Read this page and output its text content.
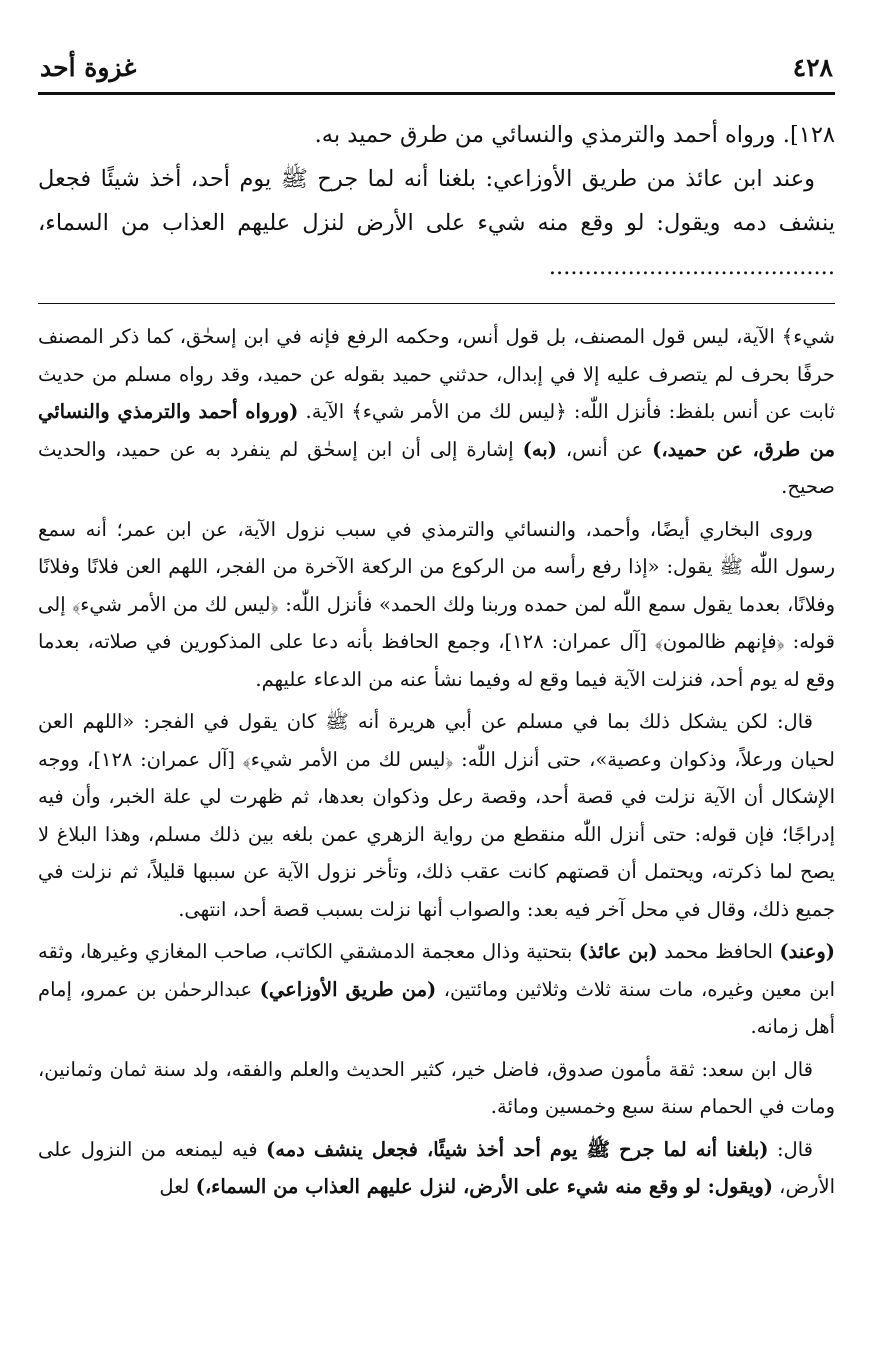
٤٢٨
غزوة أحد

١٢٨]. ورواه أحمد والترمذي والنسائي من طرق حميد به.

وعند ابن عائذ من طريق الأوزاعي: بلغنا أنه لما جرح ﷺ يوم أحد، أخذ شيئًا فجعل ينشف دمه ويقول: لو وقع منه شيء على الأرض لنزل عليهم العذاب من السماء، ........................................

شيء﴾ الآية، ليس قول المصنف، بل قول أنس، وحكمه الرفع فإنه في ابن إسحٰق، كما ذكر المصنف حرفًا بحرف لم يتصرف عليه إلا في إبدال، حدثني حميد بقوله عن حميد، وقد رواه مسلم من حديث ثابت عن أنس بلفظ: فأنزل اللّٰه: ﴿ليس لك من الأمر شيء﴾ الآية. (ورواه أحمد والترمذي والنسائي من طرق، عن حميد،) عن أنس، (به) إشارة إلى أن ابن إسحٰق لم ينفرد به عن حميد، والحديث صحيح.

وروى البخاري أيضًا، وأحمد، والنسائي والترمذي في سبب نزول الآية، عن ابن عمر؛ أنه سمع رسول اللّٰه ﷺ يقول: «إذا رفع رأسه من الركوع من الركعة الآخرة من الفجر، اللهم العن فلانًا وفلانًا وفلانًا، بعدما يقول سمع اللّٰه لمن حمده وربنا ولك الحمد» فأنزل اللّٰه: ﴿ليس لك من الأمر شيء﴾ إلى قوله: ﴿فإنهم ظالمون﴾ [آل عمران: ١٢٨]، وجمع الحافظ بأنه دعا على المذكورين في صلاته، بعدما وقع له يوم أحد، فنزلت الآية فيما وقع له وفيما نشأ عنه من الدعاء عليهم.

قال: لكن يشكل ذلك بما في مسلم عن أبي هريرة أنه ﷺ كان يقول في الفجر: «اللهم العن لحيان ورعلاً، وذكوان وعصية»، حتى أنزل اللّٰه: ﴿ليس لك من الأمر شيء﴾ [آل عمران: ١٢٨]، ووجه الإشكال أن الآية نزلت في قصة أحد، وقصة رعل وذكوان بعدها، ثم ظهرت لي علة الخبر، وأن فيه إدراجًا؛ فإن قوله: حتى أنزل اللّٰه منقطع من رواية الزهري عمن بلغه بين ذلك مسلم، وهذا البلاغ لا يصح لما ذكرته، ويحتمل أن قصتهم كانت عقب ذلك، وتأخر نزول الآية عن سببها قليلاً، ثم نزلت في جميع ذلك، وقال في محل آخر فيه بعد: والصواب أنها نزلت بسبب قصة أحد، انتهى.

(وعند) الحافظ محمد (بن عائذ) بتحتية وذال معجمة الدمشقي الكاتب، صاحب المغازي وغيرها، وثقه ابن معين وغيره، مات سنة ثلاث وثلاثين ومائتين، (من طريق الأوزاعي) عبدالرحمٰن بن عمرو، إمام أهل زمانه.

قال ابن سعد: ثقة مأمون صدوق، فاضل خير، كثير الحديث والعلم والفقه، ولد سنة ثمان وثمانين، ومات في الحمام سنة سبع وخمسين ومائة.

قال: (بلغنا أنه لما جرح ﷺ يوم أحد أخذ شيئًا، فجعل ينشف دمه) فيه ليمنعه من النزول على الأرض، (ويقول: لو وقع منه شيء على الأرض، لنزل عليهم العذاب من السماء،) لعل
